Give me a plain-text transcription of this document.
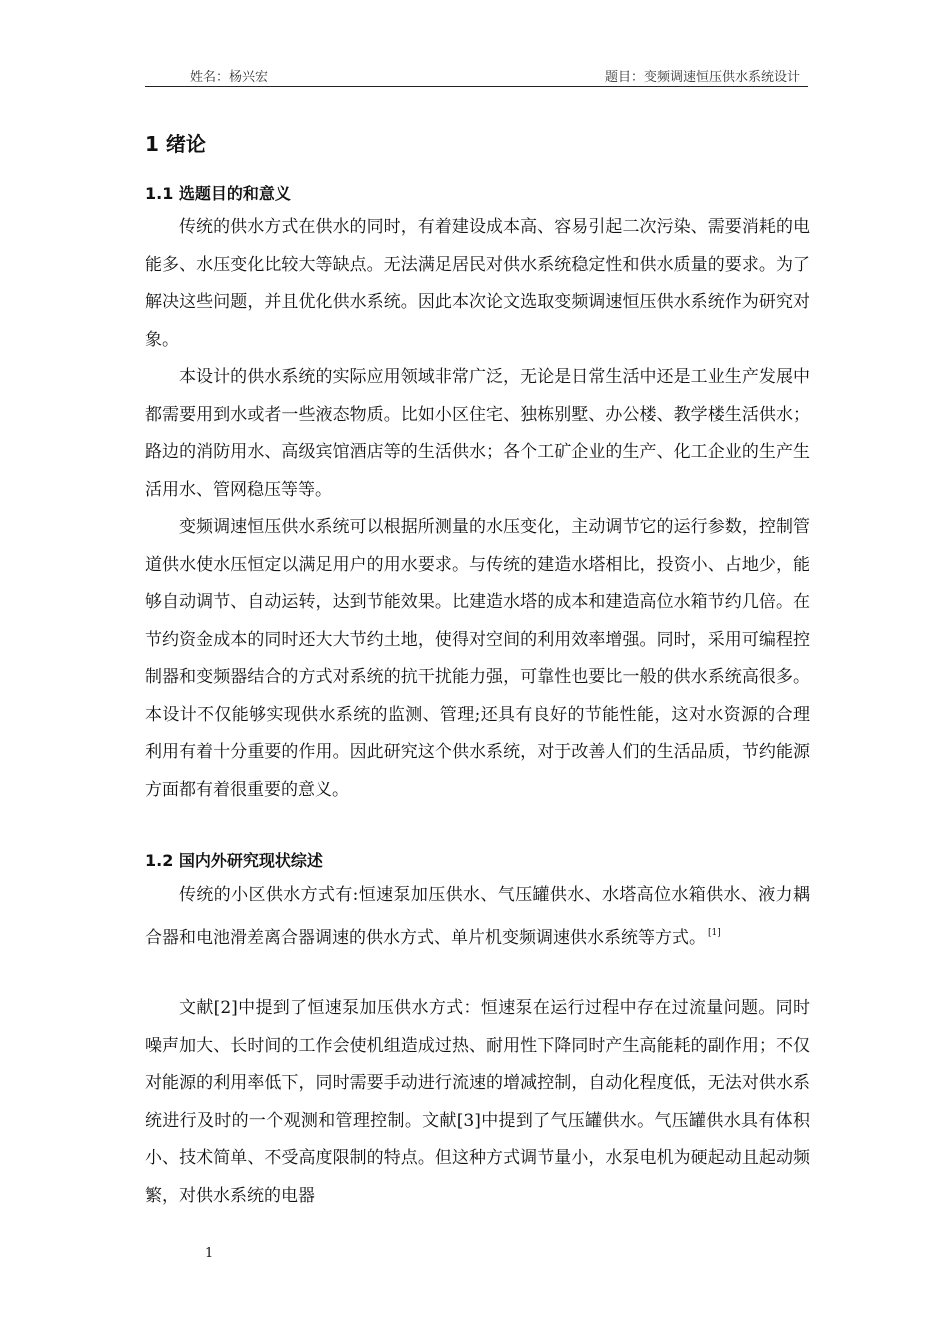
姓名：杨兴宏	题目：变频调速恒压供水系统设计
1 绪论
1.1 选题目的和意义

传统的供水方式在供水的同时，有着建设成本高、容易引起二次污染、需要消耗的电能多、水压变化比较大等缺点。无法满足居民对供水系统稳定性和供水质量的要求。为了解决这些问题，并且优化供水系统。因此本次论文选取变频调速恒压供水系统作为研究对象。

本设计的供水系统的实际应用领域非常广泛，无论是日常生活中还是工业生产发展中都需要用到水或者一些液态物质。比如小区住宅、独栋别墅、办公楼、教学楼生活供水；路边的消防用水、高级宾馆酒店等的生活供水；各个工矿企业的生产、化工企业的生产生活用水、管网稳压等等。

变频调速恒压供水系统可以根据所测量的水压变化，主动调节它的运行参数，控制管道供水使水压恒定以满足用户的用水要求。与传统的建造水塔相比，投资小、占地少，能够自动调节、自动运转，达到节能效果。比建造水塔的成本和建造高位水箱节约几倍。在节约资金成本的同时还大大节约土地，使得对空间的利用效率增强。同时，采用可编程控制器和变频器结合的方式对系统的抗干扰能力强，可靠性也要比一般的供水系统高很多。本设计不仅能够实现供水系统的监测、管理;还具有良好的节能性能，这对水资源的合理利用有着十分重要的作用。因此研究这个供水系统，对于改善人们的生活品质，节约能源方面都有着很重要的意义。

1.2 国内外研究现状综述

传统的小区供水方式有:恒速泵加压供水、气压罐供水、水塔高位水箱供水、液力耦合器和电池滑差离合器调速的供水方式、单片机变频调速供水系统等方式。 [1]

文献[2]中提到了恒速泵加压供水方式：恒速泵在运行过程中存在过流量问题。同时噪声加大、长时间的工作会使机组造成过热、耐用性下降同时产生高能耗的副作用；不仅对能源的利用率低下，同时需要手动进行流速的增减控制，自动化程度低，无法对供水系统进行及时的一个观测和管理控制。文献[3]中提到了气压罐供水。气压罐供水具有体积小、技术简单、不受高度限制的特点。但这种方式调节量小，水泵电机为硬起动且起动频繁，对供水系统的电器

1
